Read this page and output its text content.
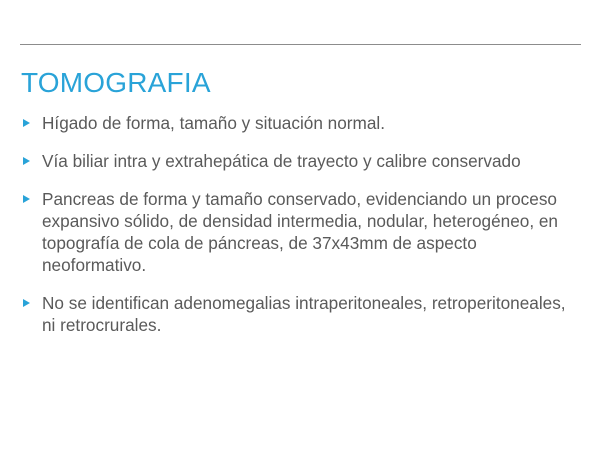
TOMOGRAFIA
Hígado de forma, tamaño y situación normal.
Vía biliar intra y extrahepática de trayecto y calibre conservado
Pancreas de forma y tamaño conservado, evidenciando un proceso expansivo sólido, de densidad intermedia, nodular, heterogéneo, en topografía de cola de páncreas, de 37x43mm de aspecto neoformativo.
No se identifican adenomegalias intraperitoneales, retroperitoneales, ni retrocrurales.
